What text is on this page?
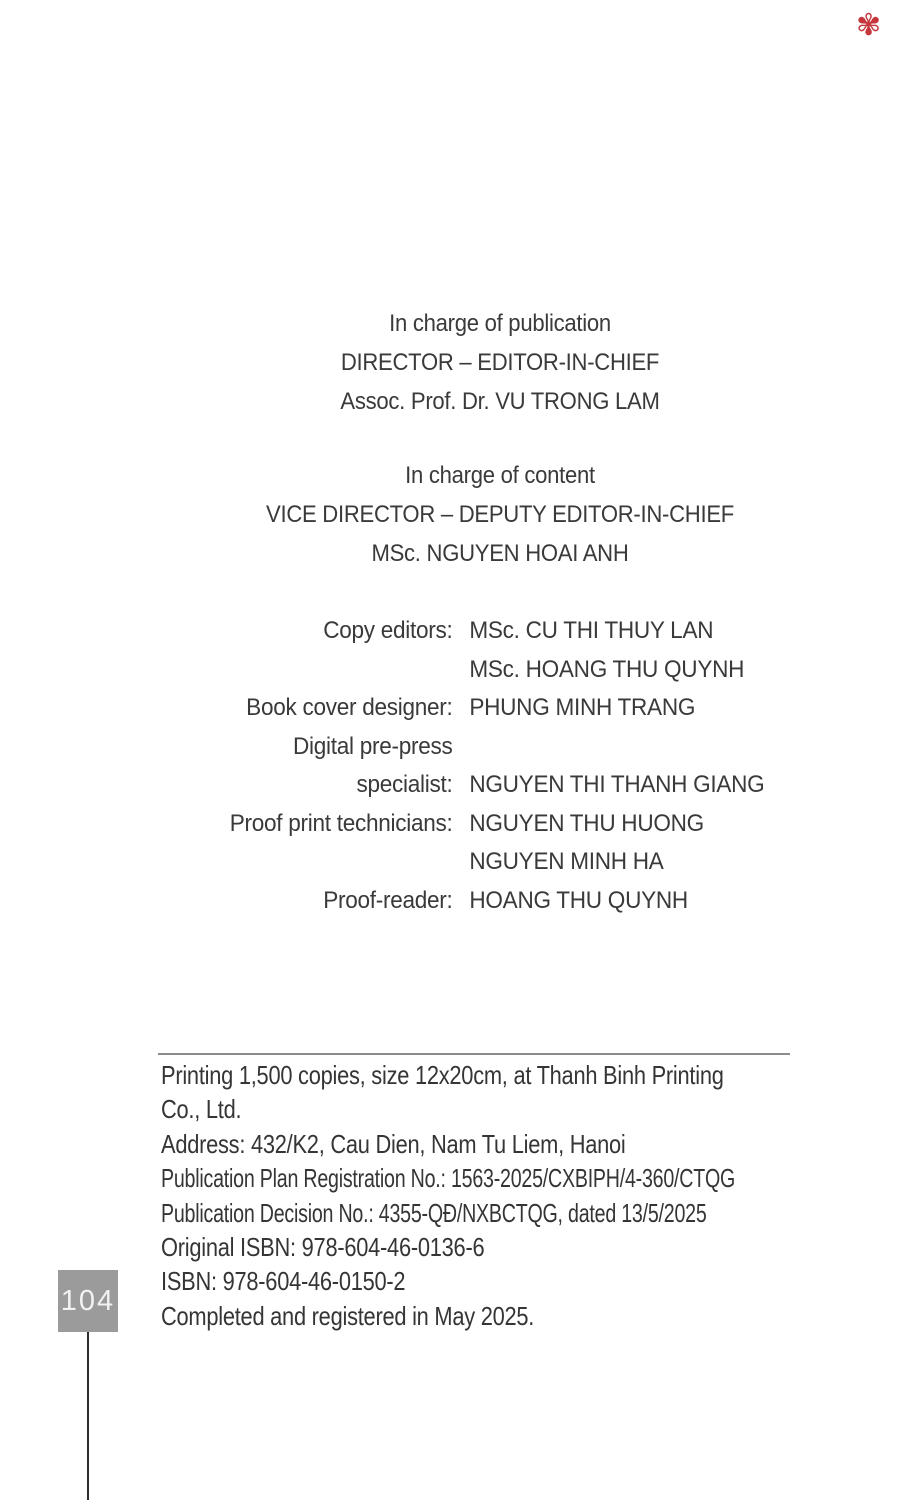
✾
In charge of publication
DIRECTOR – EDITOR-IN-CHIEF
Assoc. Prof. Dr. VU TRONG LAM
In charge of content
VICE DIRECTOR – DEPUTY EDITOR-IN-CHIEF
MSc. NGUYEN HOAI ANH
Copy editors: MSc. CU THI THUY LAN
MSc. HOANG THU QUYNH
Book cover designer: PHUNG MINH TRANG
Digital pre-press
specialist: NGUYEN THI THANH GIANG
Proof print technicians: NGUYEN THU HUONG
NGUYEN MINH HA
Proof-reader: HOANG THU QUYNH
Printing 1,500 copies, size 12x20cm, at Thanh Binh Printing
Co., Ltd.
Address: 432/K2, Cau Dien, Nam Tu Liem, Hanoi
Publication Plan Registration No.: 1563-2025/CXBIPH/4-360/CTQG
Publication Decision No.: 4355-QĐ/NXBCTQG, dated 13/5/2025
Original ISBN: 978-604-46-0136-6
ISBN: 978-604-46-0150-2
Completed and registered in May 2025.
104
